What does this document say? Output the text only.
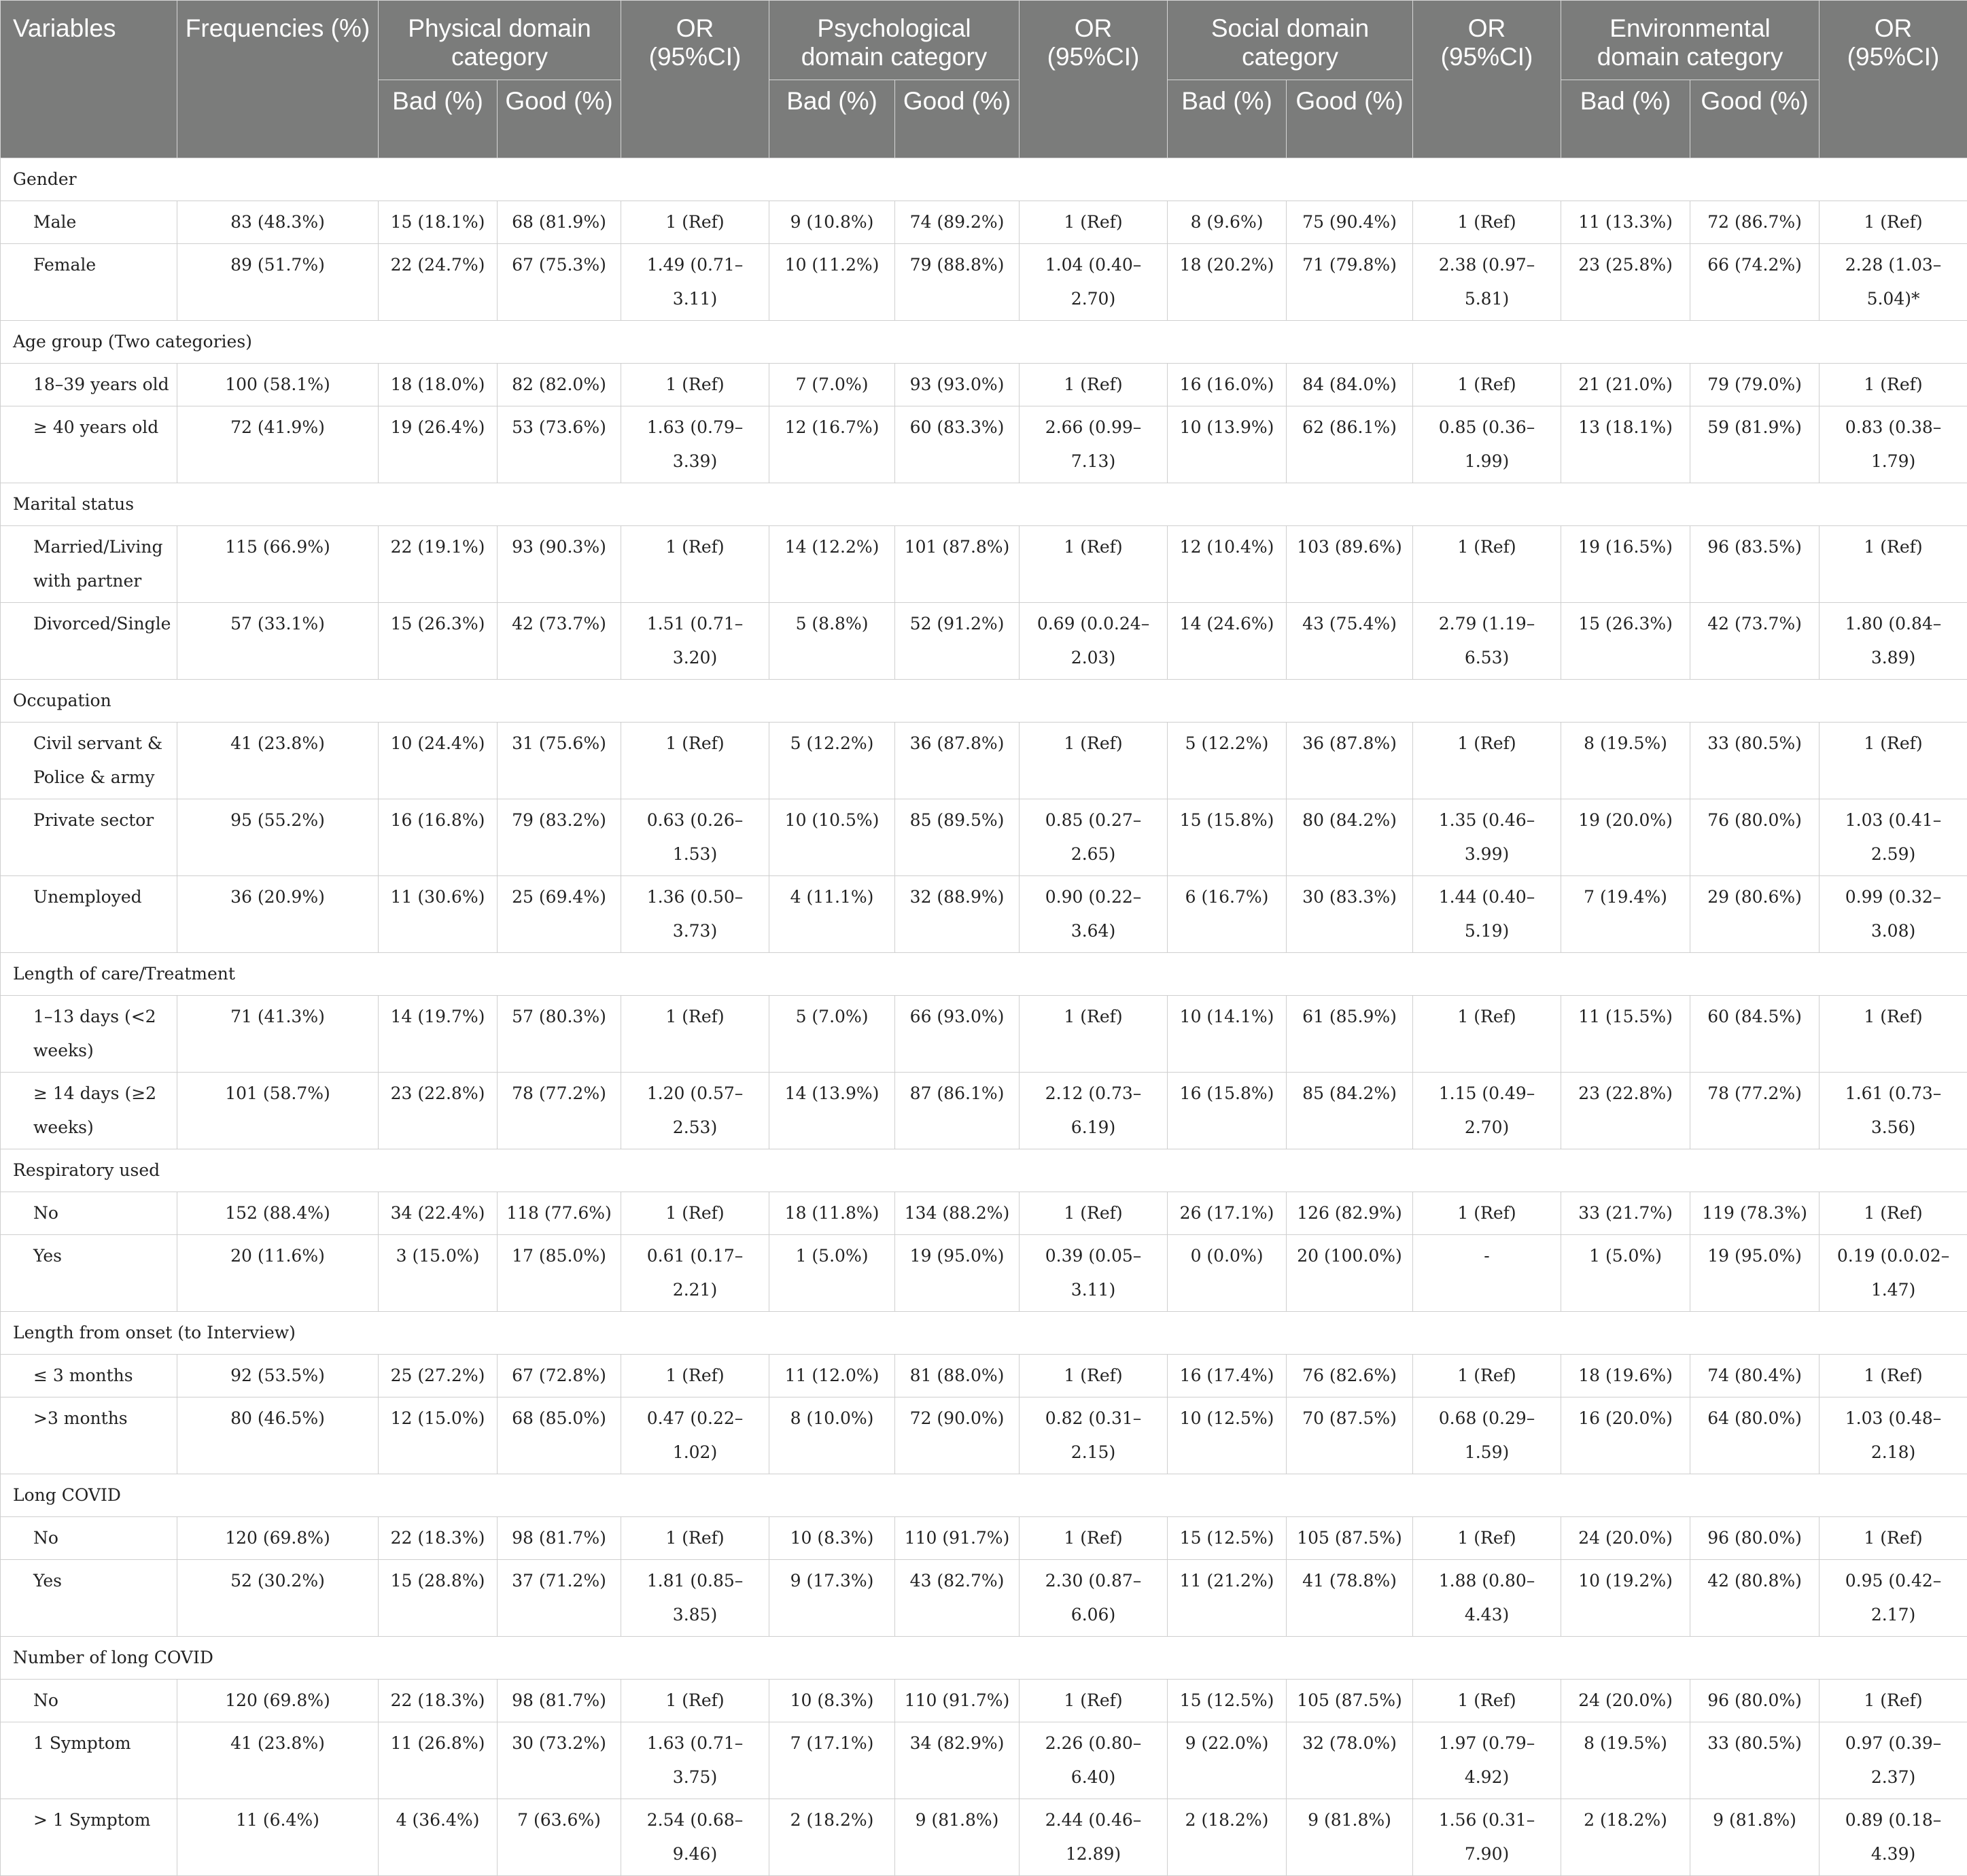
Variables	Frequencies (%)	Physical domain category		OR (95%CI)	Psychological domain category		OR (95%CI)	Social domain category		OR (95%CI)	Environmental domain category		OR (95%CI)
		Bad (%)	Good (%)		Bad (%)	Good (%)		Bad (%)	Good (%)		Bad (%)	Good (%)	
Gender													
Male	83 (48.3%)	15 (18.1%)	68 (81.9%)	1 (Ref)	9 (10.8%)	74 (89.2%)	1 (Ref)	8 (9.6%)	75 (90.4%)	1 (Ref)	11 (13.3%)	72 (86.7%)	1 (Ref)
Female	89 (51.7%)	22 (24.7%)	67 (75.3%)	1.49 (0.71–3.11)	10 (11.2%)	79 (88.8%)	1.04 (0.40–2.70)	18 (20.2%)	71 (79.8%)	2.38 (0.97–5.81)	23 (25.8%)	66 (74.2%)	2.28 (1.03–5.04)*
Age group (Two categories)													
18–39 years old	100 (58.1%)	18 (18.0%)	82 (82.0%)	1 (Ref)	7 (7.0%)	93 (93.0%)	1 (Ref)	16 (16.0%)	84 (84.0%)	1 (Ref)	21 (21.0%)	79 (79.0%)	1 (Ref)
≥ 40 years old	72 (41.9%)	19 (26.4%)	53 (73.6%)	1.63 (0.79–3.39)	12 (16.7%)	60 (83.3%)	2.66 (0.99–7.13)	10 (13.9%)	62 (86.1%)	0.85 (0.36–1.99)	13 (18.1%)	59 (81.9%)	0.83 (0.38–1.79)
Marital status													
Married/Living with partner	115 (66.9%)	22 (19.1%)	93 (90.3%)	1 (Ref)	14 (12.2%)	101 (87.8%)	1 (Ref)	12 (10.4%)	103 (89.6%)	1 (Ref)	19 (16.5%)	96 (83.5%)	1 (Ref)
Divorced/Single	57 (33.1%)	15 (26.3%)	42 (73.7%)	1.51 (0.71–3.20)	5 (8.8%)	52 (91.2%)	0.69 (0.0.24–2.03)	14 (24.6%)	43 (75.4%)	2.79 (1.19–6.53)	15 (26.3%)	42 (73.7%)	1.80 (0.84–3.89)
Occupation													
Civil servant & Police & army	41 (23.8%)	10 (24.4%)	31 (75.6%)	1 (Ref)	5 (12.2%)	36 (87.8%)	1 (Ref)	5 (12.2%)	36 (87.8%)	1 (Ref)	8 (19.5%)	33 (80.5%)	1 (Ref)
Private sector	95 (55.2%)	16 (16.8%)	79 (83.2%)	0.63 (0.26–1.53)	10 (10.5%)	85 (89.5%)	0.85 (0.27–2.65)	15 (15.8%)	80 (84.2%)	1.35 (0.46–3.99)	19 (20.0%)	76 (80.0%)	1.03 (0.41–2.59)
Unemployed	36 (20.9%)	11 (30.6%)	25 (69.4%)	1.36 (0.50–3.73)	4 (11.1%)	32 (88.9%)	0.90 (0.22–3.64)	6 (16.7%)	30 (83.3%)	1.44 (0.40–5.19)	7 (19.4%)	29 (80.6%)	0.99 (0.32–3.08)
Length of care/Treatment													
1–13 days (<2 weeks)	71 (41.3%)	14 (19.7%)	57 (80.3%)	1 (Ref)	5 (7.0%)	66 (93.0%)	1 (Ref)	10 (14.1%)	61 (85.9%)	1 (Ref)	11 (15.5%)	60 (84.5%)	1 (Ref)
≥ 14 days (≥2 weeks)	101 (58.7%)	23 (22.8%)	78 (77.2%)	1.20 (0.57–2.53)	14 (13.9%)	87 (86.1%)	2.12 (0.73–6.19)	16 (15.8%)	85 (84.2%)	1.15 (0.49–2.70)	23 (22.8%)	78 (77.2%)	1.61 (0.73–3.56)
Respiratory used													
No	152 (88.4%)	34 (22.4%)	118 (77.6%)	1 (Ref)	18 (11.8%)	134 (88.2%)	1 (Ref)	26 (17.1%)	126 (82.9%)	1 (Ref)	33 (21.7%)	119 (78.3%)	1 (Ref)
Yes	20 (11.6%)	3 (15.0%)	17 (85.0%)	0.61 (0.17–2.21)	1 (5.0%)	19 (95.0%)	0.39 (0.05–3.11)	0 (0.0%)	20 (100.0%)	-	1 (5.0%)	19 (95.0%)	0.19 (0.0.02–1.47)
Length from onset (to Interview)													
≤ 3 months	92 (53.5%)	25 (27.2%)	67 (72.8%)	1 (Ref)	11 (12.0%)	81 (88.0%)	1 (Ref)	16 (17.4%)	76 (82.6%)	1 (Ref)	18 (19.6%)	74 (80.4%)	1 (Ref)
>3 months	80 (46.5%)	12 (15.0%)	68 (85.0%)	0.47 (0.22–1.02)	8 (10.0%)	72 (90.0%)	0.82 (0.31–2.15)	10 (12.5%)	70 (87.5%)	0.68 (0.29–1.59)	16 (20.0%)	64 (80.0%)	1.03 (0.48–2.18)
Long COVID													
No	120 (69.8%)	22 (18.3%)	98 (81.7%)	1 (Ref)	10 (8.3%)	110 (91.7%)	1 (Ref)	15 (12.5%)	105 (87.5%)	1 (Ref)	24 (20.0%)	96 (80.0%)	1 (Ref)
Yes	52 (30.2%)	15 (28.8%)	37 (71.2%)	1.81 (0.85–3.85)	9 (17.3%)	43 (82.7%)	2.30 (0.87–6.06)	11 (21.2%)	41 (78.8%)	1.88 (0.80–4.43)	10 (19.2%)	42 (80.8%)	0.95 (0.42–2.17)
Number of long COVID													
No	120 (69.8%)	22 (18.3%)	98 (81.7%)	1 (Ref)	10 (8.3%)	110 (91.7%)	1 (Ref)	15 (12.5%)	105 (87.5%)	1 (Ref)	24 (20.0%)	96 (80.0%)	1 (Ref)
1 Symptom	41 (23.8%)	11 (26.8%)	30 (73.2%)	1.63 (0.71–3.75)	7 (17.1%)	34 (82.9%)	2.26 (0.80–6.40)	9 (22.0%)	32 (78.0%)	1.97 (0.79–4.92)	8 (19.5%)	33 (80.5%)	0.97 (0.39–2.37)
> 1 Symptom	11 (6.4%)	4 (36.4%)	7 (63.6%)	2.54 (0.68–9.46)	2 (18.2%)	9 (81.8%)	2.44 (0.46–12.89)	2 (18.2%)	9 (81.8%)	1.56 (0.31–7.90)	2 (18.2%)	9 (81.8%)	0.89 (0.18–4.39)
